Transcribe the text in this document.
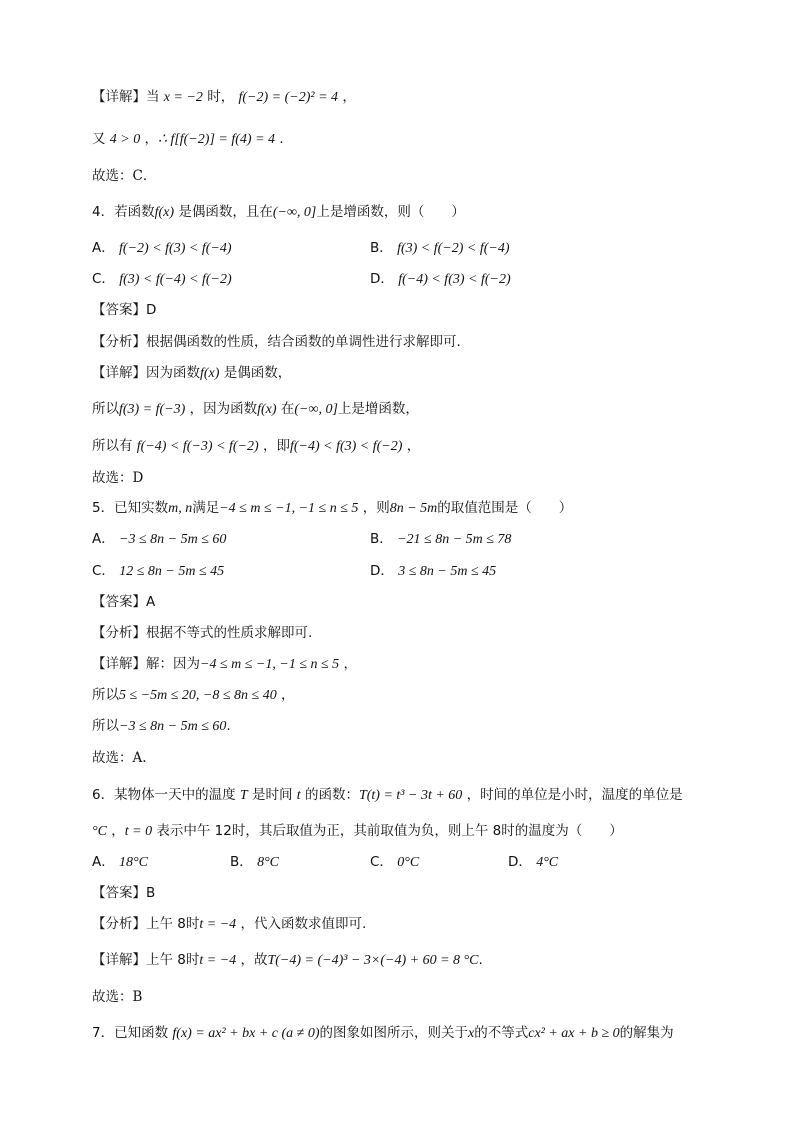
【详解】当 x = −2 时， f(−2) = (−2)² = 4 ，
又 4 > 0 ，∴ f[f(−2)] = f(4) = 4 ．
故选：C．
4．若函数f(x) 是偶函数，且在(−∞, 0]上是增函数，则（　　）
A． f(−2) < f(3) < f(−4)	B． f(3) < f(−2) < f(−4)
C． f(3) < f(−4) < f(−2)	D． f(−4) < f(3) < f(−2)
【答案】D
【分析】根据偶函数的性质，结合函数的单调性进行求解即可.
【详解】因为函数f(x) 是偶函数，
所以f(3) = f(−3) ，因为函数f(x) 在(−∞, 0]上是增函数，
所以有 f(−4) < f(−3) < f(−2) ，即f(−4) < f(3) < f(−2) ，
故选：D
5．已知实数m, n满足−4 ≤ m ≤ −1, −1 ≤ n ≤ 5 ，则8n − 5m的取值范围是（　　）
A． −3 ≤ 8n − 5m ≤ 60	B． −21 ≤ 8n − 5m ≤ 78
C． 12 ≤ 8n − 5m ≤ 45	D． 3 ≤ 8n − 5m ≤ 45
【答案】A
【分析】根据不等式的性质求解即可.
【详解】解：因为−4 ≤ m ≤ −1, −1 ≤ n ≤ 5 ，
所以5 ≤ −5m ≤ 20, −8 ≤ 8n ≤ 40 ，
所以−3 ≤ 8n − 5m ≤ 60.
故选：A.
6．某物体一天中的温度 T 是时间 t 的函数：T(t) = t³ − 3t + 60 ，时间的单位是小时，温度的单位是
°C ，t = 0 表示中午 12时，其后取值为正，其前取值为负，则上午 8时的温度为（　　）
A． 18°C	B． 8°C	C． 0°C	D． 4°C
【答案】B
【分析】上午 8时t = −4 ，代入函数求值即可.
【详解】上午 8时t = −4 ，故T(−4) = (−4)³ − 3×(−4) + 60 = 8 °C.
故选：B
7．已知函数 f(x) = ax² + bx + c (a ≠ 0)的图象如图所示，则关于x的不等式cx² + ax + b ≥ 0的解集为
